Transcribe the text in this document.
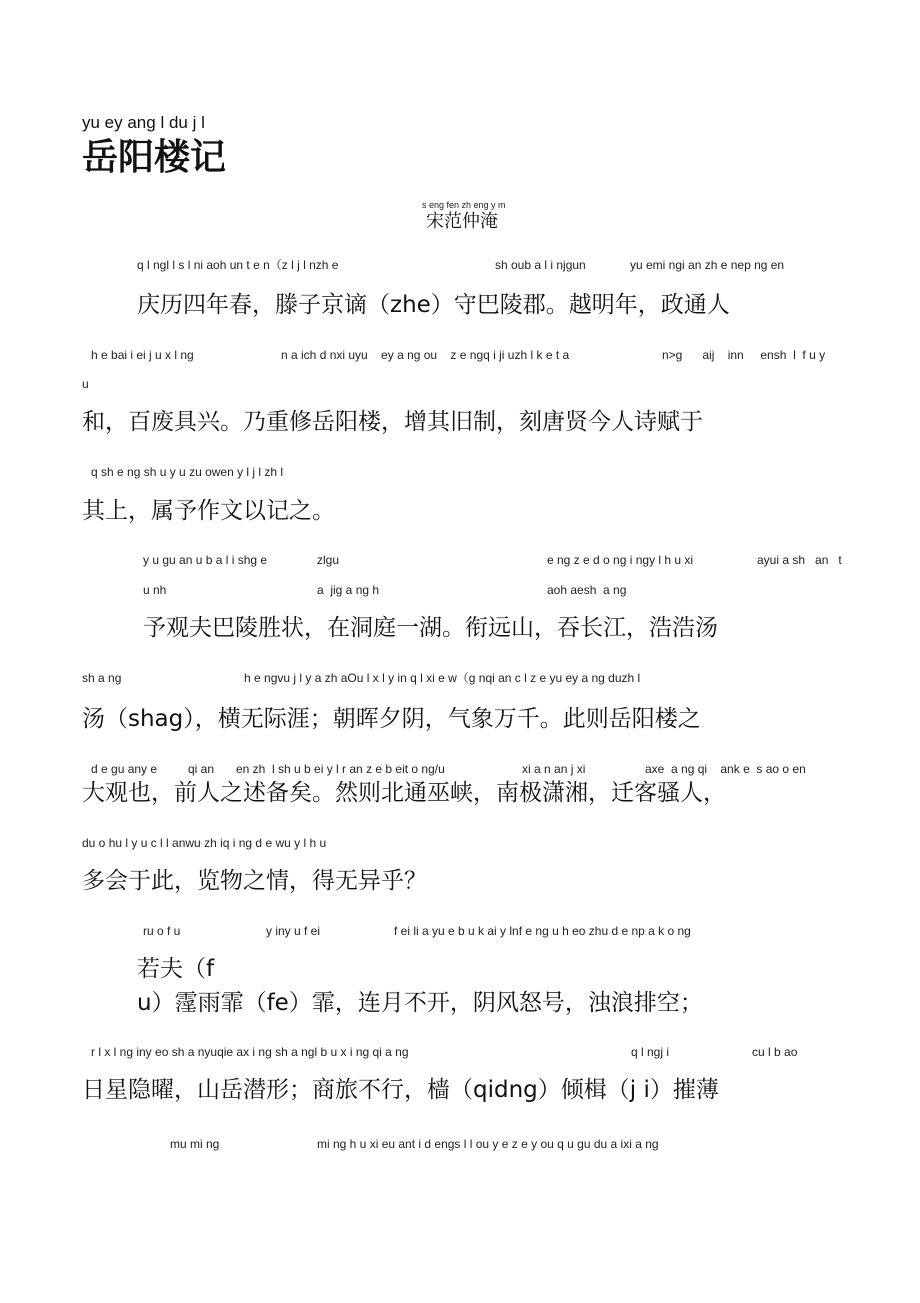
yu ey ang l du j l
岳阳楼记
s eng fen zh eng y m
宋范仲淹
q l ngl l s l ni aoh un t e n（z l j l nzh e	sh oub a l i njgun	yu emi ngi an zh e nep ng en
庆历四年春，滕子京谪（zhe）守巴陵郡。越明年，政通人
h e bai i ei j u x l ng	n a ich d nxi uyu    ey a ng ou    z e ngq i ji uzh l k e t a	n>g      aij    inn     ensh  l  f u y
u
和，百废具兴。乃重修岳阳楼，增其旧制，刻唐贤今人诗赋于
q sh e ng sh u y u zu owen y l j l zh l
其上，属予作文以记之。
y u gu an u b a l i shg e	zlgu	e ng z e d o ng i ngy l h u xi	ayui a sh   an   t
u nh	a  jig a ng h	aoh aesh  a ng
予观夫巴陵胜状，在洞庭一湖。衔远山，吞长江，浩浩汤
sh a ng	h e ngvu j l y a zh aOu l x l y in q l xi e w（g nqi an c l z e yu ey a ng duzh l
汤（shag），横无际涯；朝晖夕阴，气象万千。此则岳阳楼之
d e gu any e	qi an en zh  l sh u b ei y l r an z e b eit o ng/u	xi a n an j xi	axe  a ng qi    ank e  s ao o en
大观也，前人之述备矣。然则北通巫峡，南极潇湘，迁客骚人，
du o hu l y u c l l anwu zh iq i ng d e wu y l h u
多会于此，览物之情，得无异乎？
ru o f u	y iny u f ei	f ei li a yu e b u k ai y lnf e ng u h eo zhu d e np a k o ng
若夫（f
u）霪雨霏（fe）霏，连月不开，阴风怒号，浊浪排空；
r l x l ng iny eo sh a nyuqie ax i ng sh a ngl b u x i ng qi a ng	q l ngj i	cu l b ao
日星隐曜，山岳潜形；商旅不行，樯（qidng）倾楫（j i）摧薄
mu mi ng	mi ng h u xi eu ant i d engs l l ou y e z e y ou q u gu du a ixi a ng
